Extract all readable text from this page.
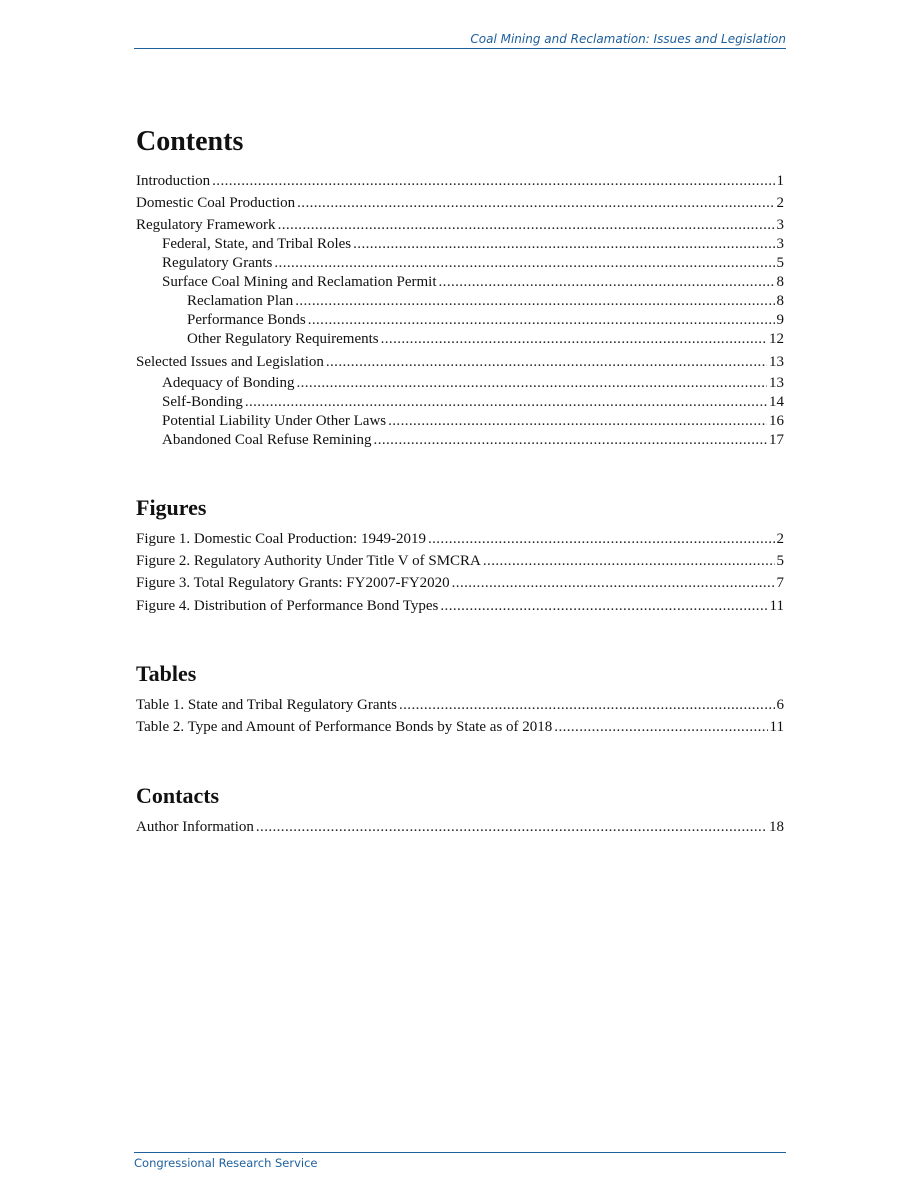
Coal Mining and Reclamation: Issues and Legislation
Contents
Introduction .....	1
Domestic Coal Production .....	2
Regulatory Framework .....	3
Federal, State, and Tribal Roles .....	3
Regulatory Grants .....	5
Surface Coal Mining and Reclamation Permit .....	8
Reclamation Plan .....	8
Performance Bonds .....	9
Other Regulatory Requirements .....	12
Selected Issues and Legislation .....	13
Adequacy of Bonding .....	13
Self-Bonding .....	14
Potential Liability Under Other Laws .....	16
Abandoned Coal Refuse Remining .....	17
Figures
Figure 1. Domestic Coal Production: 1949-2019 .....	2
Figure 2. Regulatory Authority Under Title V of SMCRA .....	5
Figure 3. Total Regulatory Grants: FY2007-FY2020 .....	7
Figure 4. Distribution of Performance Bond Types .....	11
Tables
Table 1. State and Tribal Regulatory Grants .....	6
Table 2. Type and Amount of Performance Bonds by State as of 2018 .....	11
Contacts
Author Information .....	18
Congressional Research Service
